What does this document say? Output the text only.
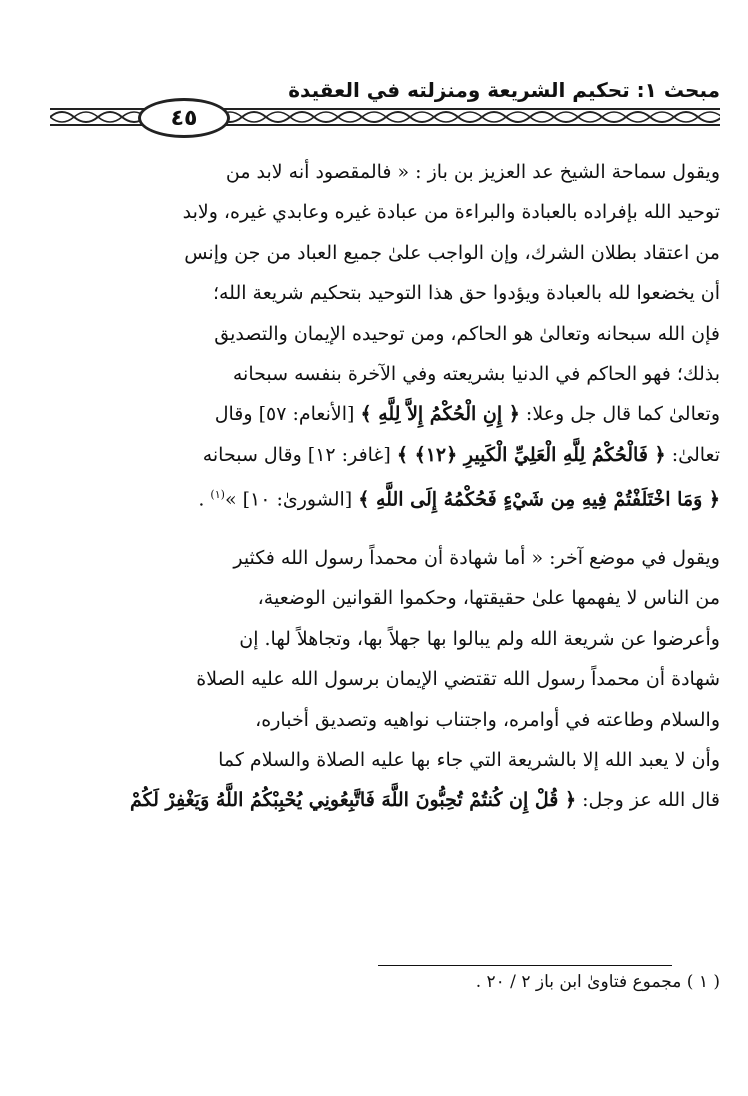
مبحث ١: تحكيم الشريعة ومنزلته في العقيدة
٤٥
ويقول سماحة الشيخ عد العزيز بن باز : « فالمقصود أنه لابد من
توحيد الله بإفراده بالعبادة والبراءة من عبادة غيره وعابدي غيره، ولابد
من اعتقاد بطلان الشرك، وإن الواجب علىٰ جميع العباد من جن وإنس
أن يخضعوا لله بالعبادة ويؤدوا حق هذا التوحيد بتحكيم شريعة الله؛
فإن الله سبحانه وتعالىٰ هو الحاكم، ومن توحيده الإيمان والتصديق
بذلك؛ فهو الحاكم في الدنيا بشريعته وفي الآخرة بنفسه سبحانه
وتعالىٰ كما قال جل وعلا: ﴿ إِنِ الْحُكْمُ إِلاَّ لِلَّهِ ﴾ [الأنعام: ٥٧] وقال
تعالىٰ: ﴿ فَالْحُكْمُ لِلَّهِ الْعَلِيِّ الْكَبِيرِ ﴿١٢﴾ ﴾ [غافر: ١٢] وقال سبحانه
﴿ وَمَا اخْتَلَفْتُمْ فِيهِ مِن شَيْءٍ فَحُكْمُهُ إِلَى اللَّهِ ﴾ [الشورىٰ: ١٠] »$^{(١)}$ .
ويقول في موضع آخر: « أما شهادة أن محمداً رسول الله فكثير
من الناس لا يفهمها علىٰ حقيقتها، وحكموا القوانين الوضعية،
وأعرضوا عن شريعة الله ولم يبالوا بها جهلاً بها، وتجاهلاً لها. إن
شهادة أن محمداً رسول الله تقتضي الإيمان برسول الله عليه الصلاة
والسلام وطاعته في أوامره، واجتناب نواهيه وتصديق أخباره،
وأن لا يعبد الله إلا بالشريعة التي جاء بها عليه الصلاة والسلام كما
قال الله عز وجل: ﴿ قُلْ إِن كُنتُمْ تُحِبُّونَ اللَّهَ فَاتَّبِعُونِي يُحْبِبْكُمُ اللَّهُ وَيَغْفِرْ لَكُمْ
( ١ ) مجموع فتاوىٰ ابن باز ٢ / ٢٠ .
